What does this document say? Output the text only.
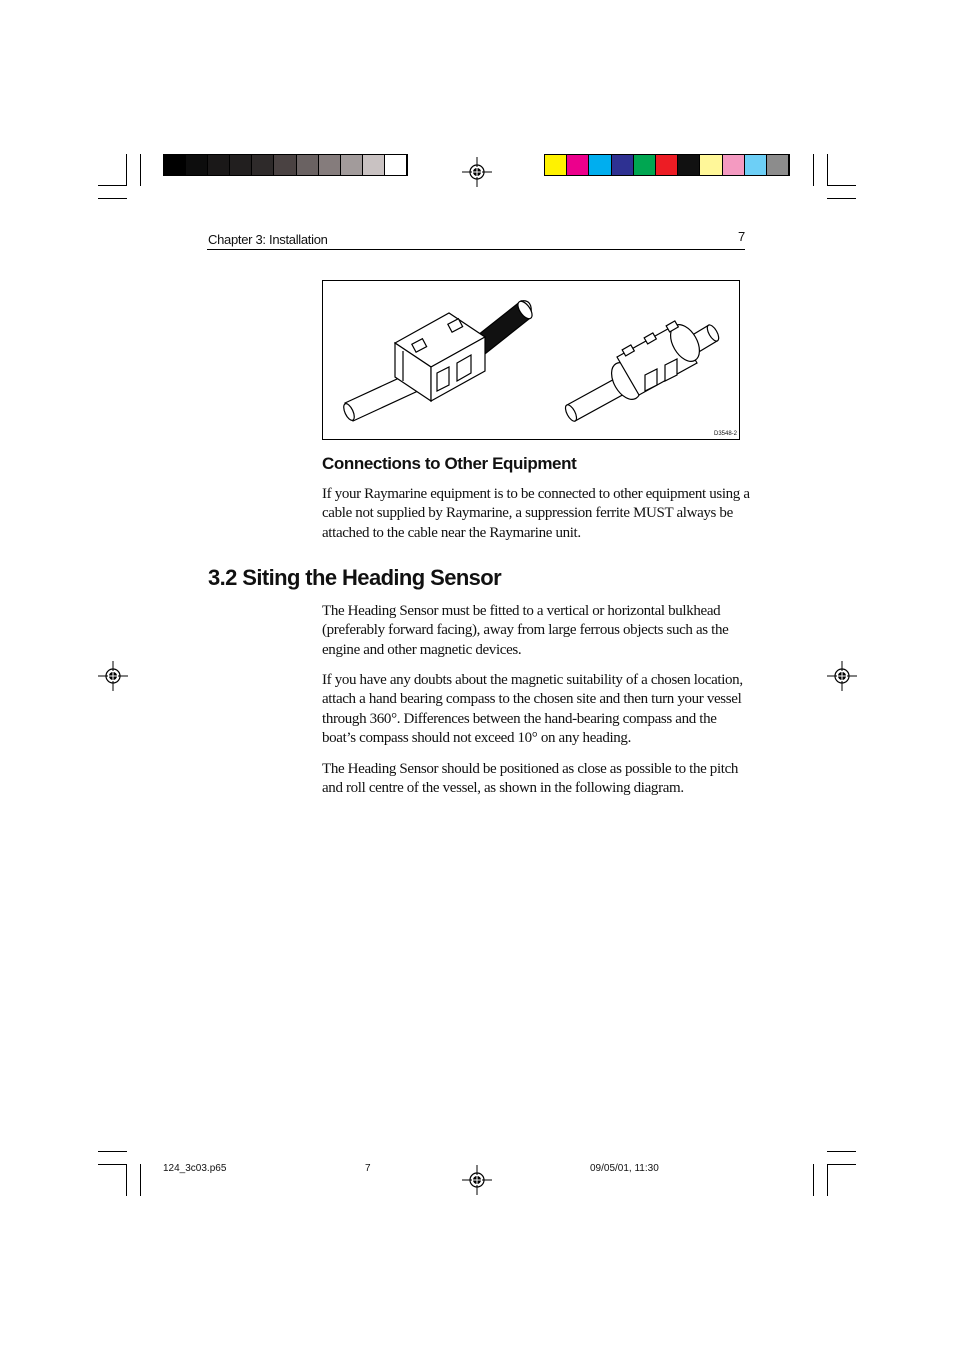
Chapter 3: Installation	7
D3548-2
Connections to Other Equipment

If your Raymarine equipment is to be connected to other equipment using a cable not supplied by Raymarine, a suppression ferrite MUST always be attached to the cable near the Raymarine unit.

3.2 Siting the Heading Sensor

The Heading Sensor must be fitted to a vertical or horizontal bulkhead (preferably forward facing), away from large ferrous objects such as the engine and other magnetic devices.

If you have any doubts about the magnetic suitability of a chosen location, attach a hand bearing compass to the chosen site and then turn your vessel through 360°. Differences between the hand-bearing compass and the boat’s compass should not exceed 10° on any heading.

The Heading Sensor should be positioned as close as possible to the pitch and roll centre of the vessel, as shown in the following diagram.

124_3c03.p65	7	09/05/01, 11:30
